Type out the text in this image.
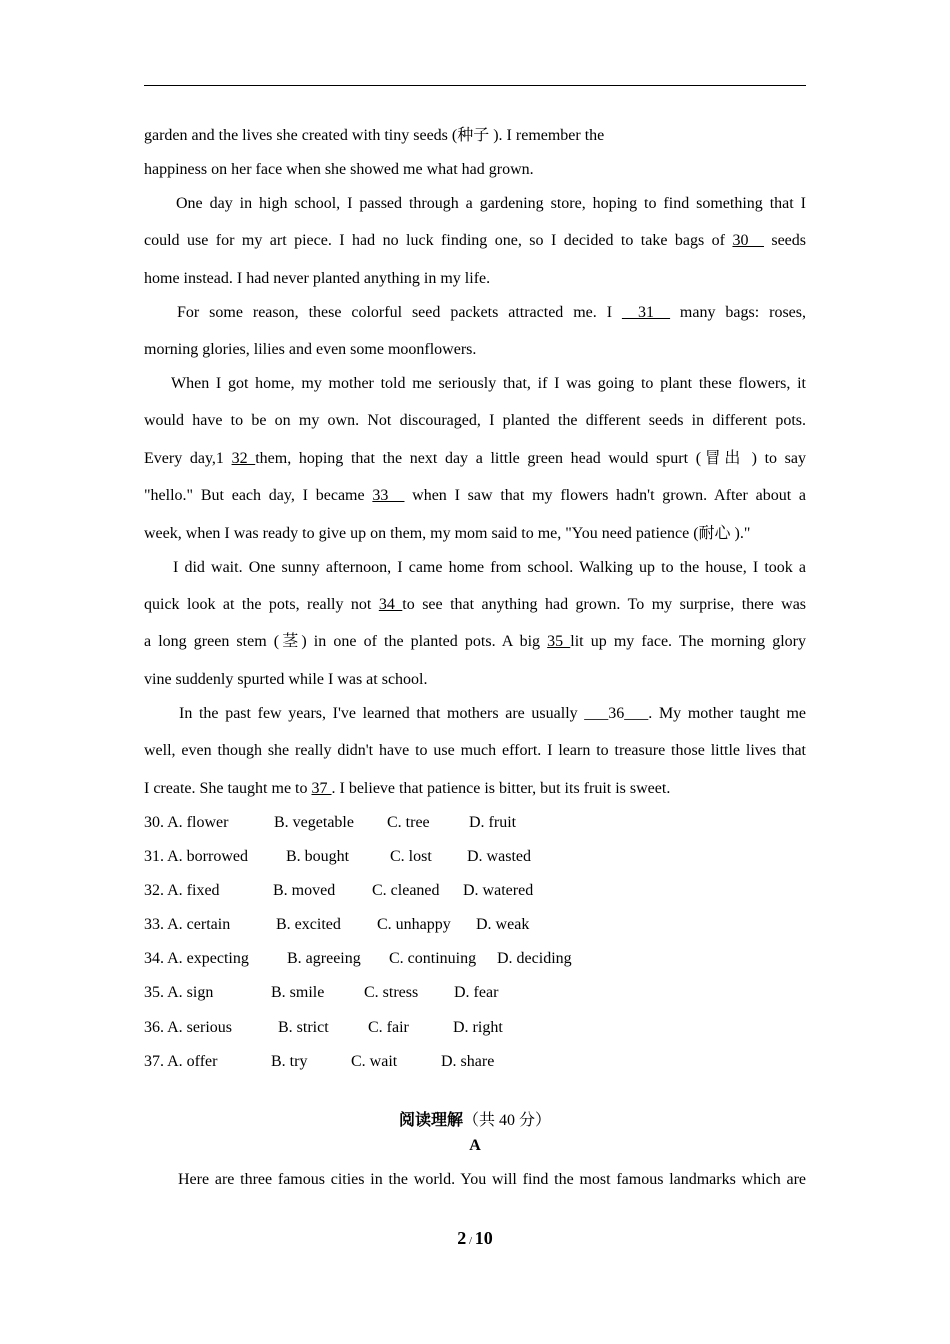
garden and the lives she created with tiny seeds (种子 ). I remember the
happiness on her face when she showed me what had grown.
One day in high school, I passed through a gardening store, hoping to find something that I
could use for my art piece. I had no luck finding one, so I decided to take bags of 30 _ seeds
home instead. I had never planted anything in my life.
For some reason, these colorful seed packets attracted me. I __31__ many bags: roses,
morning glories, lilies and even some moonflowers.
When I got home, my mother told me seriously that, if I was going to plant these flowers, it
would have to be on my own. Not discouraged, I planted the different seeds in different pots.
Every day,1 32 them, hoping that the next day a little green head would spurt (冒出 ) to say
"hello." But each day, I became 33__ when I saw that my flowers hadn't grown. After about a
week, when I was ready to give up on them, my mom said to me, "You need patience (耐心 )."
I did wait. One sunny afternoon, I came home from school. Walking up to the house, I took a
quick look at the pots, really not 34 to see that anything had grown. To my surprise, there was
a long green stem (茎) in one of the planted pots. A big 35 lit up my face. The morning glory
vine suddenly spurted while I was at school.
In the past few years, I've learned that mothers are usually ___36___. My mother taught me
well, even though she really didn't have to use much effort. I learn to treasure those little lives that
I create. She taught me to 37 . I believe that patience is bitter, but its fruit is sweet.
30. A. flower	B. vegetable C. tree D. fruit
31. A. borrowed B. bought	C. lost D. wasted
32. A. fixed	B. moved C. cleaned D. watered
33. A. certain	B. excited C. unhappy D. weak
34. A. expecting B. agreeing C. continuing D. deciding
35. A. sign	B. smile C. stress D. fear
36. A. serious	B. strict C. fair	D. right
37. A. offer	B. try	C. wait	D. share
阅读理解（共 40 分）
A
Here are three famous cities in the world. You will find the most famous landmarks which are
2 / 10
